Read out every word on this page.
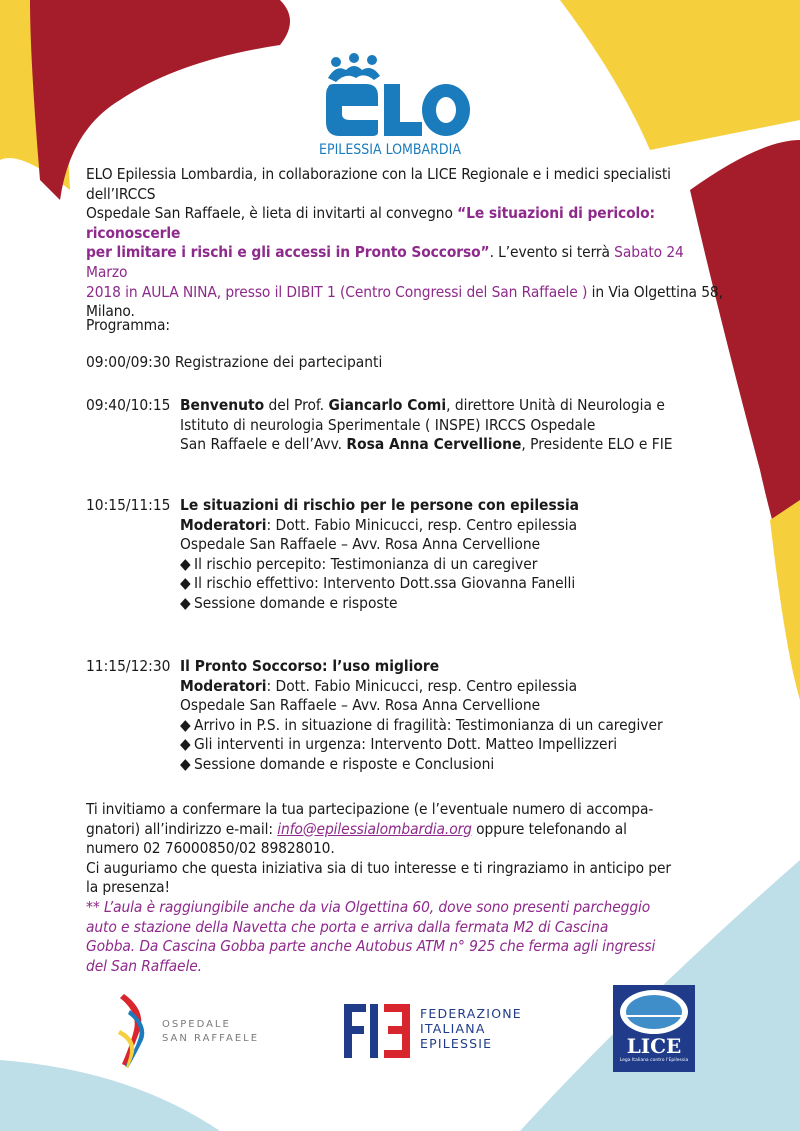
EPILESSIA LOMBARDIA
ELO Epilessia Lombardia, in collaborazione con la LICE Regionale e i medici specialisti dell’IRCCS
Ospedale San Raffaele, è lieta di invitarti al convegno “Le situazioni di pericolo: riconoscerle
per limitare i rischi e gli accessi in Pronto Soccorso”. L’evento si terrà Sabato 24 Marzo
2018 in AULA NINA, presso il DIBIT 1 (Centro Congressi del San Raffaele ) in Via Olgettina 58,
Milano.
Programma:
09:00/09:30 Registrazione dei partecipanti
09:40/10:15 Benvenuto del Prof. Giancarlo Comi, direttore Unità di Neurologia e
Istituto di neurologia Sperimentale ( INSPE) IRCCS Ospedale
San Raffaele e dell’Avv. Rosa Anna Cervellione, Presidente ELO e FIE
10:15/11:15 Le situazioni di rischio per le persone con epilessia
Moderatori: Dott. Fabio Minicucci, resp. Centro epilessia
Ospedale San Raffaele – Avv. Rosa Anna Cervellione
◆ Il rischio percepito: Testimonianza di un caregiver
◆ Il rischio effettivo: Intervento Dott.ssa Giovanna Fanelli
◆ Sessione domande e risposte
11:15/12:30 Il Pronto Soccorso: l’uso migliore
Moderatori: Dott. Fabio Minicucci, resp. Centro epilessia
Ospedale San Raffaele – Avv. Rosa Anna Cervellione
◆ Arrivo in P.S. in situazione di fragilità: Testimonianza di un caregiver
◆ Gli interventi in urgenza: Intervento Dott. Matteo Impellizzeri
◆ Sessione domande e risposte e Conclusioni
Ti invitiamo a confermare la tua partecipazione (e l’eventuale numero di accompa-
gnatori) all’indirizzo e-mail: info@epilessialombardia.org oppure telefonando al
numero 02 76000850/02 89828010.
Ci auguriamo che questa iniziativa sia di tuo interesse e ti ringraziamo in anticipo per
la presenza!
** L’aula è raggiungibile anche da via Olgettina 60, dove sono presenti parcheggio
auto e stazione della Navetta che porta e arriva dalla fermata M2 di Cascina
Gobba. Da Cascina Gobba parte anche Autobus ATM n° 925 che ferma agli ingressi
del San Raffaele.
OSPEDALE
SAN RAFFAELE
FEDERAZIONE
ITALIANA
EPILESSIE	LICE
Lega Italiana contro l’Epilessia
